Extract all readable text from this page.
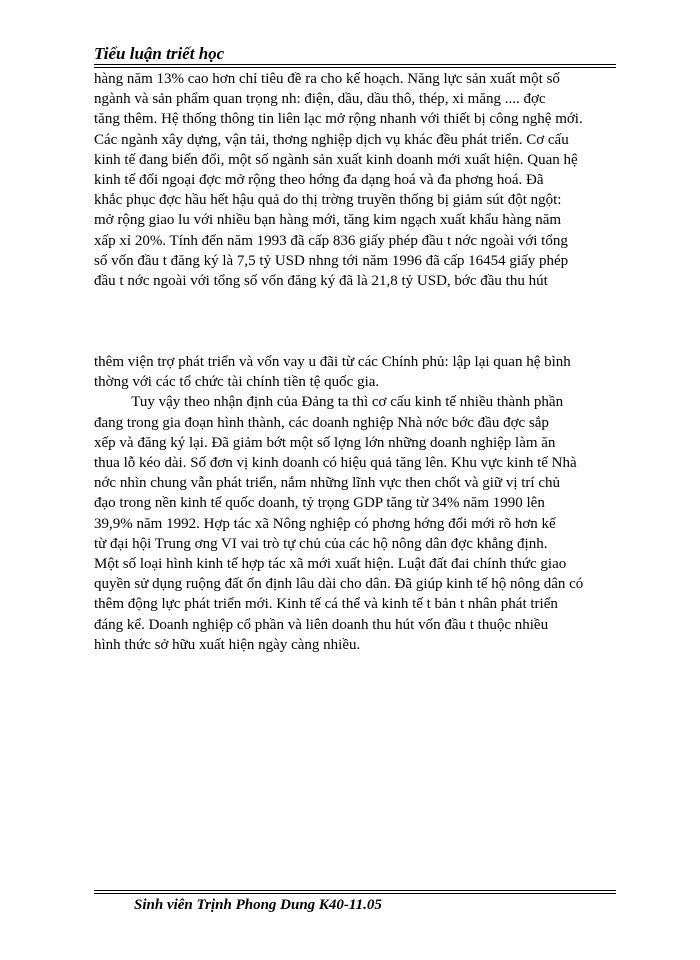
Tiểu luận triết học
hàng năm 13% cao hơn chỉ tiêu đề ra cho kế hoạch. Năng lực sản xuất một số
ngành và sản phẩm quan trọng nh: điện, dầu, dầu thô, thép, xi măng .... đợc
tăng thêm. Hệ thống thông tin liên lạc mở rộng nhanh với thiết bị công nghệ mới.
Các ngành xây dựng, vận tải, thơng nghiệp dịch vụ khác đều phát triển. Cơ cấu
kinh tế đang biến đổi, một số ngành sản xuất kinh doanh mới xuất hiện. Quan hệ
kinh tế đối ngoại đợc mở rộng theo hớng đa dạng hoá và đa phơng hoá. Đã
khắc phục đợc hầu hết hậu quả do thị trờng truyền thống bị giảm sút đột ngột:
mở rộng giao lu với nhiều bạn hàng mới, tăng kim ngạch xuất khẩu hàng năm
xấp xỉ 20%. Tính đến năm 1993 đã cấp 836 giấy phép đầu t nớc ngoài với tổng
số vốn đầu t đăng ký là 7,5 tỷ USD nhng tới năm 1996 đã cấp 16454 giấy phép
đầu t nớc ngoài với tổng số vốn đăng ký đã là 21,8 tỷ USD, bớc đầu thu hút
thêm viện trợ phát triển và vốn vay u đãi từ các Chính phủ: lập lại quan hệ bình
thờng với các tổ chức tài chính tiền tệ quốc gia.
Tuy vậy theo nhận định của Đảng ta thì cơ cấu kinh tế nhiều thành phần
đang trong gia đoạn hình thành, các doanh nghiệp Nhà nớc bớc đầu đợc sắp
xếp và đăng ký lại. Đã giảm bớt một số lợng lớn những doanh nghiệp làm ăn
thua lỗ kéo dài. Số đơn vị kinh doanh có hiệu quả tăng lên. Khu vực kinh tế Nhà
nớc nhìn chung vẫn phát triển, nắm những lĩnh vực then chốt và giữ vị trí chủ
đạo trong nền kinh tế quốc doanh, tỷ trọng GDP tăng từ 34% năm 1990 lên
39,9% năm 1992. Hợp tác xã Nông nghiệp có phơng hớng đổi mới rõ hơn kể
từ đại hội Trung ơng VI vai trò tự chủ của các hộ nông dân đợc khẳng định.
Một số loại hình kinh tế hợp tác xã mới xuất hiện. Luật đất đai chính thức giao
quyền sử dụng ruộng đất ổn định lâu dài cho dân. Đã giúp kinh tế hộ nông dân có
thêm động lực phát triển mới. Kinh tế cá thể và kinh tế t bản t nhân phát triển
đáng kể. Doanh nghiệp cổ phần và liên doanh thu hút vốn đầu t thuộc nhiều
hình thức sở hữu xuất hiện ngày càng nhiều.
Sinh viên Trịnh Phong Dung K40-11.05
